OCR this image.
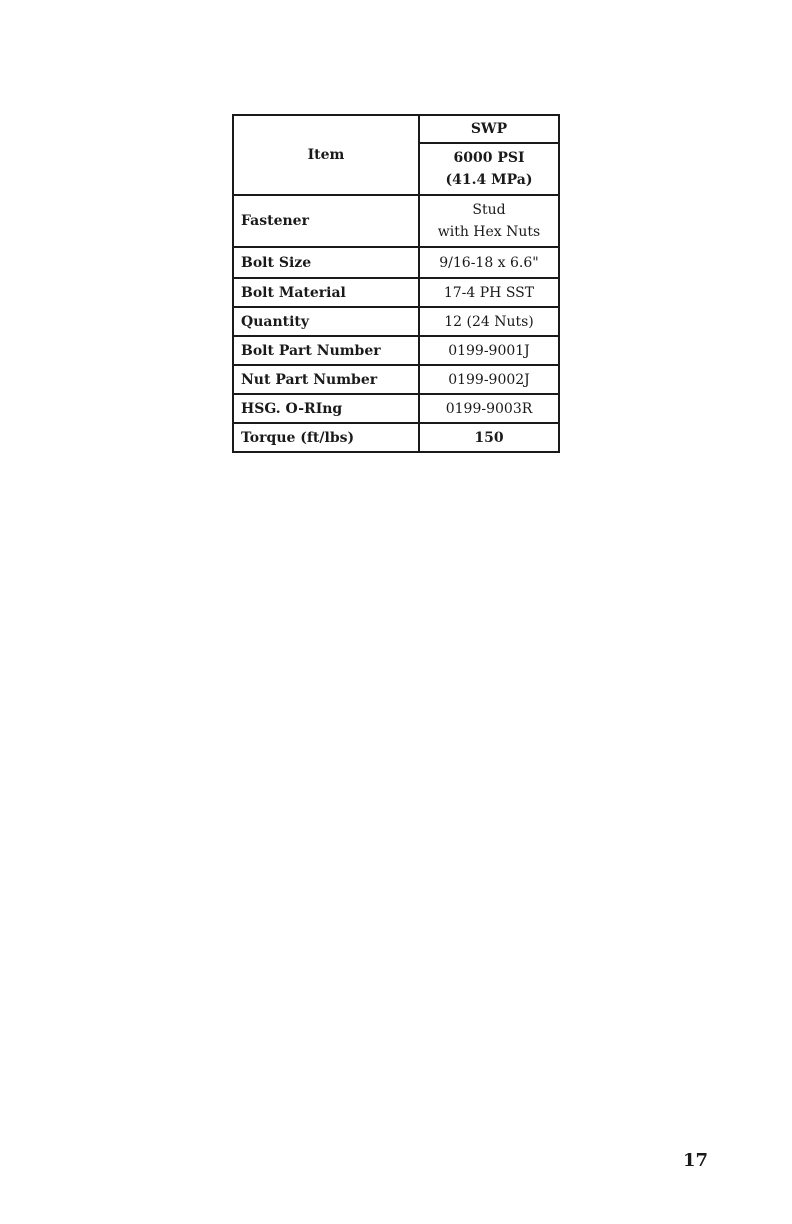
Item	SWP

	6000 PSI
(41.4 MPa)

Fastener	Stud
with Hex Nuts

Bolt Size	9/16-18 x 6.6"
Bolt Material	17-4 PH SST
Quantity	12 (24 Nuts)
Bolt Part Number	0199-9001J
Nut Part Number	0199-9002J
HSG. O-RIng	0199-9003R
Torque (ft/lbs)	150
17
